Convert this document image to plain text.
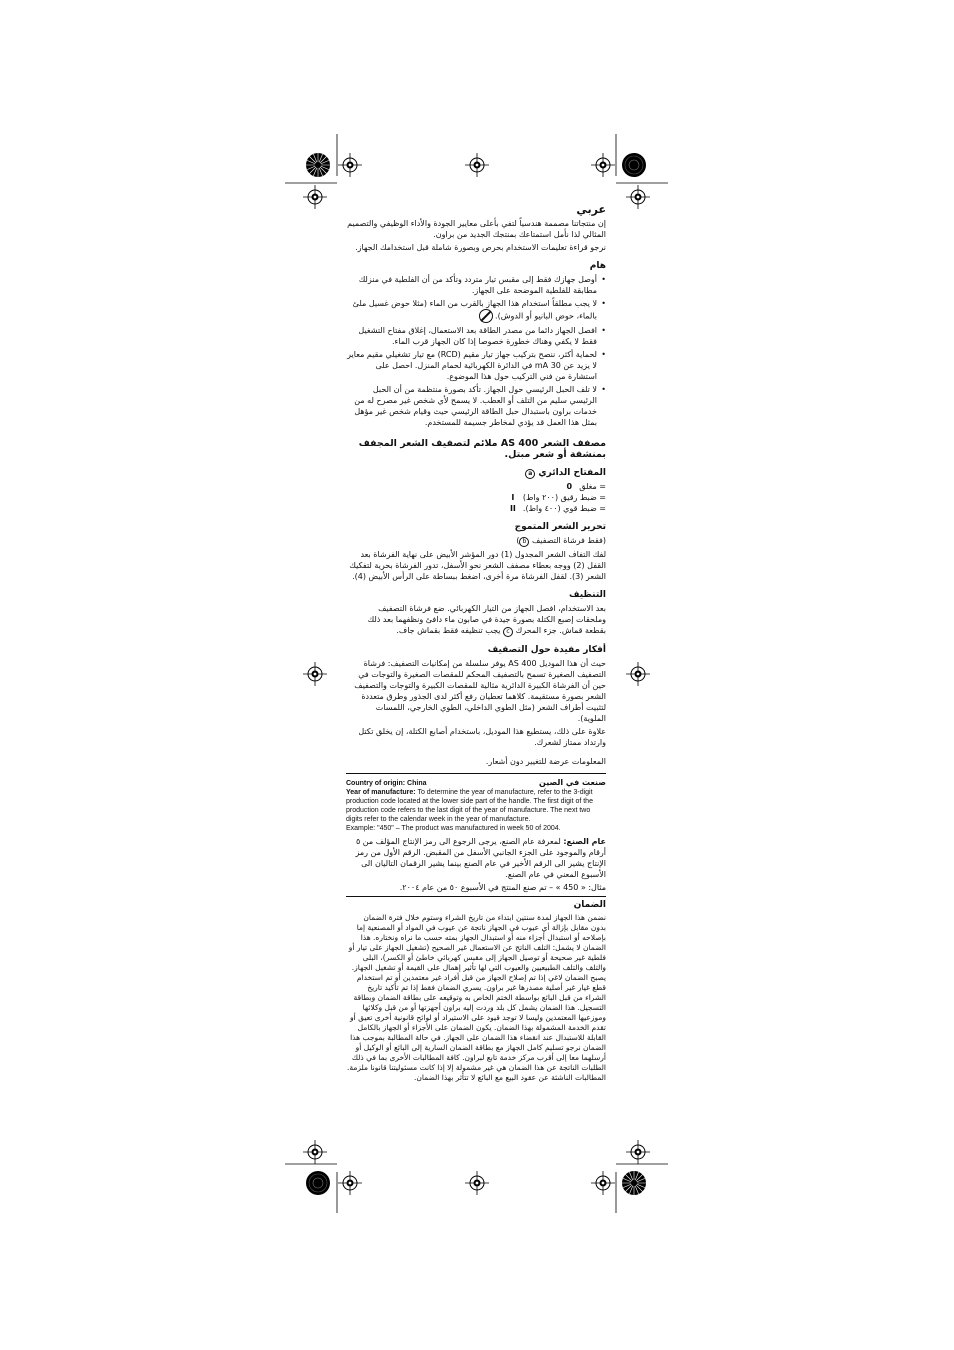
عربي

إن منتجاتنا مصممة هندسياً لتفي بأعلى معايير الجودة والأداء الوظيفي والتصميم المثالي لذا نأمل استمتاعك بمنتجك الجديد من براون.

نرجو قراءة تعليمات الاستخدام بحرص وبصورة شاملة قبل استخدامك الجهاز.

هام
• أوصل جهازك فقط إلى مقبس تيار متردد وتأكد من أن الفلطية في منزلك مطابقة للفلطية الموضحة على الجهاز.
• لا يجب مطلقاً استخدام هذا الجهاز بالقرب من الماء (مثلا حوض غسيل ملئ بالماء، حوض البانيو أو الدوش).
• افصل الجهاز دائما من مصدر الطاقة بعد الاستعمال، إغلاق مفتاح التشغيل فقط لا يكفي وهناك خطورة خصوصا إذا كان الجهاز قرب الماء.
• لحماية أكثر، ننصح بتركيب جهاز تيار مقيم (RCD) مع تيار تشغيلي مقيم معاير لا يزيد عن 30 mA في الدائرة الكهربائية لحمام المنزل. احصل على استشارة من فني التركيب حول هذا الموضوع.
• لا تلف الحبل الرئيسي حول الجهاز. تأكد بصورة منتظمة من أن الحبل الرئيسي سليم من التلف أو العطب. لا يسمح لأي شخص غير مصرح له من خدمات براون باستبدال حبل الطاقة الرئيسي حيث وقيام شخص غير مؤهل بمثل هذا العمل قد يؤدي لمخاطر جسيمة للمستخدم.
مصفف الشعر AS 400 ملائم لتصفيف الشعر المجفف بمنشفة أو شعر مبتل.
المفتاح الدائري a
0 = مغلق
I	= ضبط رقيق (٢٠٠ واط)
II = ضبط قوي (٤٠٠ واط).
تحرير الشعر المتموج

(فقط فرشاة التصفيف b)

لفك التفاف الشعر المجدول (1) دور المؤشر الأبيض على نهاية الفرشاة بعد القفل (2) ووجه بعطاء مصفف الشعر نحو الأسفل، تدور الفرشاة بحرية لتفكيك الشعر (3). لقفل الفرشاة مرة أخرى، اضغط ببساطة على الرأس الأبيض (4).

التنظيف

بعد الاستخدام، افصل الجهاز من التيار الكهربائي. ضع فرشاة التصفيف وملحقات إصبع الكتلة بصورة جيدة في صابون ماء دافئ ونظفهما بعد ذلك بقطعة قماش. جزء المحرك c يجب تنظيفه فقط بقماش جاف.

أفكار مفيدة حول التصفيف

حيث أن هذا الموديل AS 400 يوفر سلسلة من إمكانيات التصفيف: فرشاة التصفيف الصغيرة تسمح بالتصفيف المحكم للمقصات الصغيرة والتوجات في حين أن الفرشاة الكبيرة الدائرية مثالية للمقصات الكبيرة والتوجات والتصفيف الشعر بصورة مستقيمة. كلاهما تعطيان رفع أكثر لدى الجذور وطرق متعددة لتثبيت أطراف الشعر (مثل الطوي الداخلي، الطوي الخارجي، اللمسات الملوية).

علاوة على ذلك، يستطيع هذا الموديل، باستخدام أصابع الكتلة، إن يخلق تكتل وارتداد ممتاز لشعرك.

المعلومات عرضة للتغيير دون أشعار.

صنعت في الصين
Country of origin: China
Year of manufacture: To determine the year of manufacture, refer to the 3-digit production code located at the lower side part of the handle. The first digit of the production code refers to the last digit of the year of manufacture. The next two digits refer to the calendar week in the year of manufacture.
Example: "450" – The product was manufactured in week 50 of 2004.

عام الصنع: لمعرفة عام الصنع، يرجى الرجوع الى رمز الإنتاج المؤلف من ٥ أرقام والموجود على الجزء الجانبي الأسفل من المقبض. الرقم الأول من رمز الإنتاج يشير الى الرقم الأخير في عام الصنع بينما يشير الرقمان التاليان الى الأسبوع المعني في عام الصنع.

مثال: « 450 » – تم صنع المنتج في الأسبوع ٥٠ من عام ٢٠٠٤.

الضمان

نضمن هذا الجهاز لمدة سنتين ابتداء من تاريخ الشراء وستوم خلال فترة الضمان بدون مقابل بإزالة أي عيوب في الجهاز ناتجة عن عيوب في المواد أو المصنعية إما بإصلاحه أو استبدال أجزاء منه أو استبدال الجهاز بمته حسب ما نراه ونختاره. هذا الضمان لا يشمل: التلف الناتج عن الاستعمال غير الصحيح (تشغيل الجهاز على تيار أو فلطية غير صحيحة أو توصيل الجهاز إلى مقبس كهربائي خاطئ أو الكسر)، البلى والتلف والتلف الطبيعيين والعيوب التي لها تأثير إهمال على القيمة أو تشغيل الجهاز. يصبح الضمان لاغي إذا تم إصلاح الجهاز من قبل أفراد غير معتمدين أو تم استخدام قطع غيار غير أصلية مصدرها غير براون. يسري الضمان فقط إذا تم تأكيد تاريخ الشراء من قبل البائع بواسطة الختم الخاص به وتوقيعه على بطاقة الضمان وبطاقة التسجيل. هذا الضمان يشمل كل بلد وردت إليه براون أجهزتها أو من قبل وكلائها وموزعيها المعتمدين وليسا لا توجد قيود على الاستيراد أو لوائح قانونية أخرى تعيق أو تقدم الخدمة المشمولة بهذا الضمان. يكون الضمان على الأجزاء أو الجهاز بالكامل القابلة للاستبدال عند انقضاء هذا الضمان على الجهاز. في حالة المطالبة بموجب هذا الضمان نرجو تسليم كامل الجهاز مع بطاقة الضمان السارية إلى البائع أو الوكيل أو أرسلهما معا إلى أقرب مركز خدمة تابع لبراون. كافة المطالبات الأخرى بما في ذلك الطلبات الناتجة عن هذا الضمان هي غير مشمولة إلا إذا كانت مسئوليتنا قانونا ملزمة. المطالبات الناشئة عن عقود البيع مع البائع لا تتأثر بهذا الضمان.
